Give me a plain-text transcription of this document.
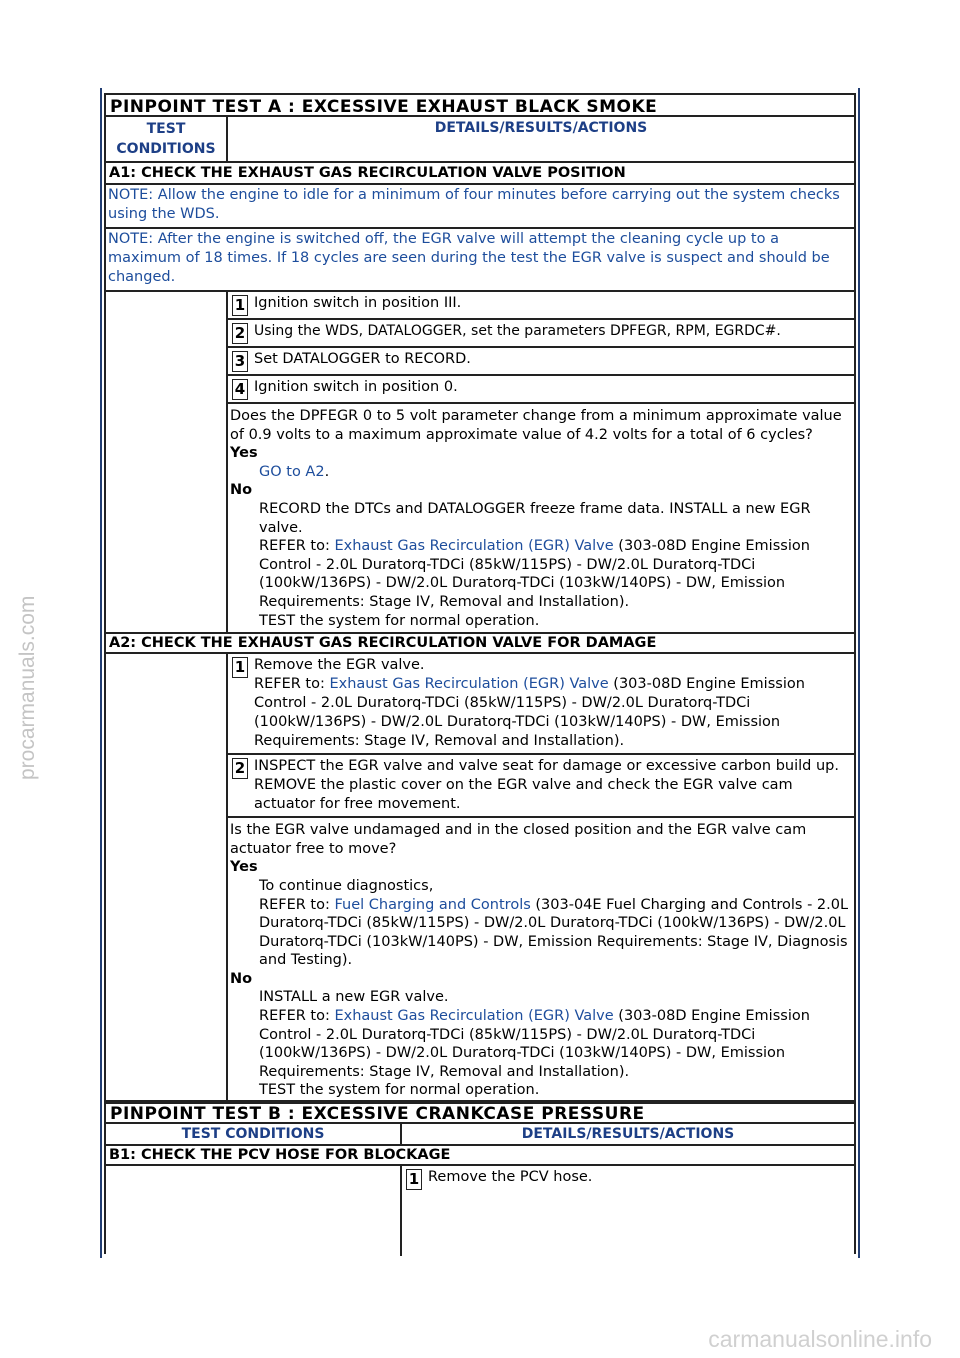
procarmanuals.com
PINPOINT TEST A : EXCESSIVE EXHAUST BLACK SMOKE
TEST
CONDITIONS
DETAILS/RESULTS/ACTIONS
A1: CHECK THE EXHAUST GAS RECIRCULATION VALVE POSITION
NOTE: Allow the engine to idle for a minimum of four minutes before carrying out the system checks using the WDS.
NOTE: After the engine is switched off, the EGR valve will attempt the cleaning cycle up to a maximum of 18 times. If 18 cycles are seen during the test the EGR valve is suspect and should be changed.
1 Ignition switch in position III.
2 Using the WDS, DATALOGGER, set the parameters DPFEGR, RPM, EGRDC#.
3 Set DATALOGGER to RECORD.
4 Ignition switch in position 0.
Does the DPFEGR 0 to 5 volt parameter change from a minimum approximate value of 0.9 volts to a maximum approximate value of 4.2 volts for a total of 6 cycles?
Yes
GO to A2.
No
RECORD the DTCs and DATALOGGER freeze frame data. INSTALL a new EGR valve.
REFER to: Exhaust Gas Recirculation (EGR) Valve (303-08D Engine Emission Control - 2.0L Duratorq-TDCi (85kW/115PS) - DW/2.0L Duratorq-TDCi (100kW/136PS) - DW/2.0L Duratorq-TDCi (103kW/140PS) - DW, Emission Requirements: Stage IV, Removal and Installation).
TEST the system for normal operation.
A2: CHECK THE EXHAUST GAS RECIRCULATION VALVE FOR DAMAGE
1 Remove the EGR valve.
REFER to: Exhaust Gas Recirculation (EGR) Valve (303-08D Engine Emission Control - 2.0L Duratorq-TDCi (85kW/115PS) - DW/2.0L Duratorq-TDCi (100kW/136PS) - DW/2.0L Duratorq-TDCi (103kW/140PS) - DW, Emission Requirements: Stage IV, Removal and Installation).
2 INSPECT the EGR valve and valve seat for damage or excessive carbon build up. REMOVE the plastic cover on the EGR valve and check the EGR valve cam actuator for free movement.
Is the EGR valve undamaged and in the closed position and the EGR valve cam actuator free to move?
Yes
To continue diagnostics,
REFER to: Fuel Charging and Controls (303-04E Fuel Charging and Controls - 2.0L Duratorq-TDCi (85kW/115PS) - DW/2.0L Duratorq-TDCi (100kW/136PS) - DW/2.0L Duratorq-TDCi (103kW/140PS) - DW, Emission Requirements: Stage IV, Diagnosis and Testing).
No
INSTALL a new EGR valve.
REFER to: Exhaust Gas Recirculation (EGR) Valve (303-08D Engine Emission Control - 2.0L Duratorq-TDCi (85kW/115PS) - DW/2.0L Duratorq-TDCi (100kW/136PS) - DW/2.0L Duratorq-TDCi (103kW/140PS) - DW, Emission Requirements: Stage IV, Removal and Installation).
TEST the system for normal operation.
PINPOINT TEST B : EXCESSIVE CRANKCASE PRESSURE
TEST CONDITIONS	DETAILS/RESULTS/ACTIONS
B1: CHECK THE PCV HOSE FOR BLOCKAGE
1 Remove the PCV hose.
carmanualsonline.info
